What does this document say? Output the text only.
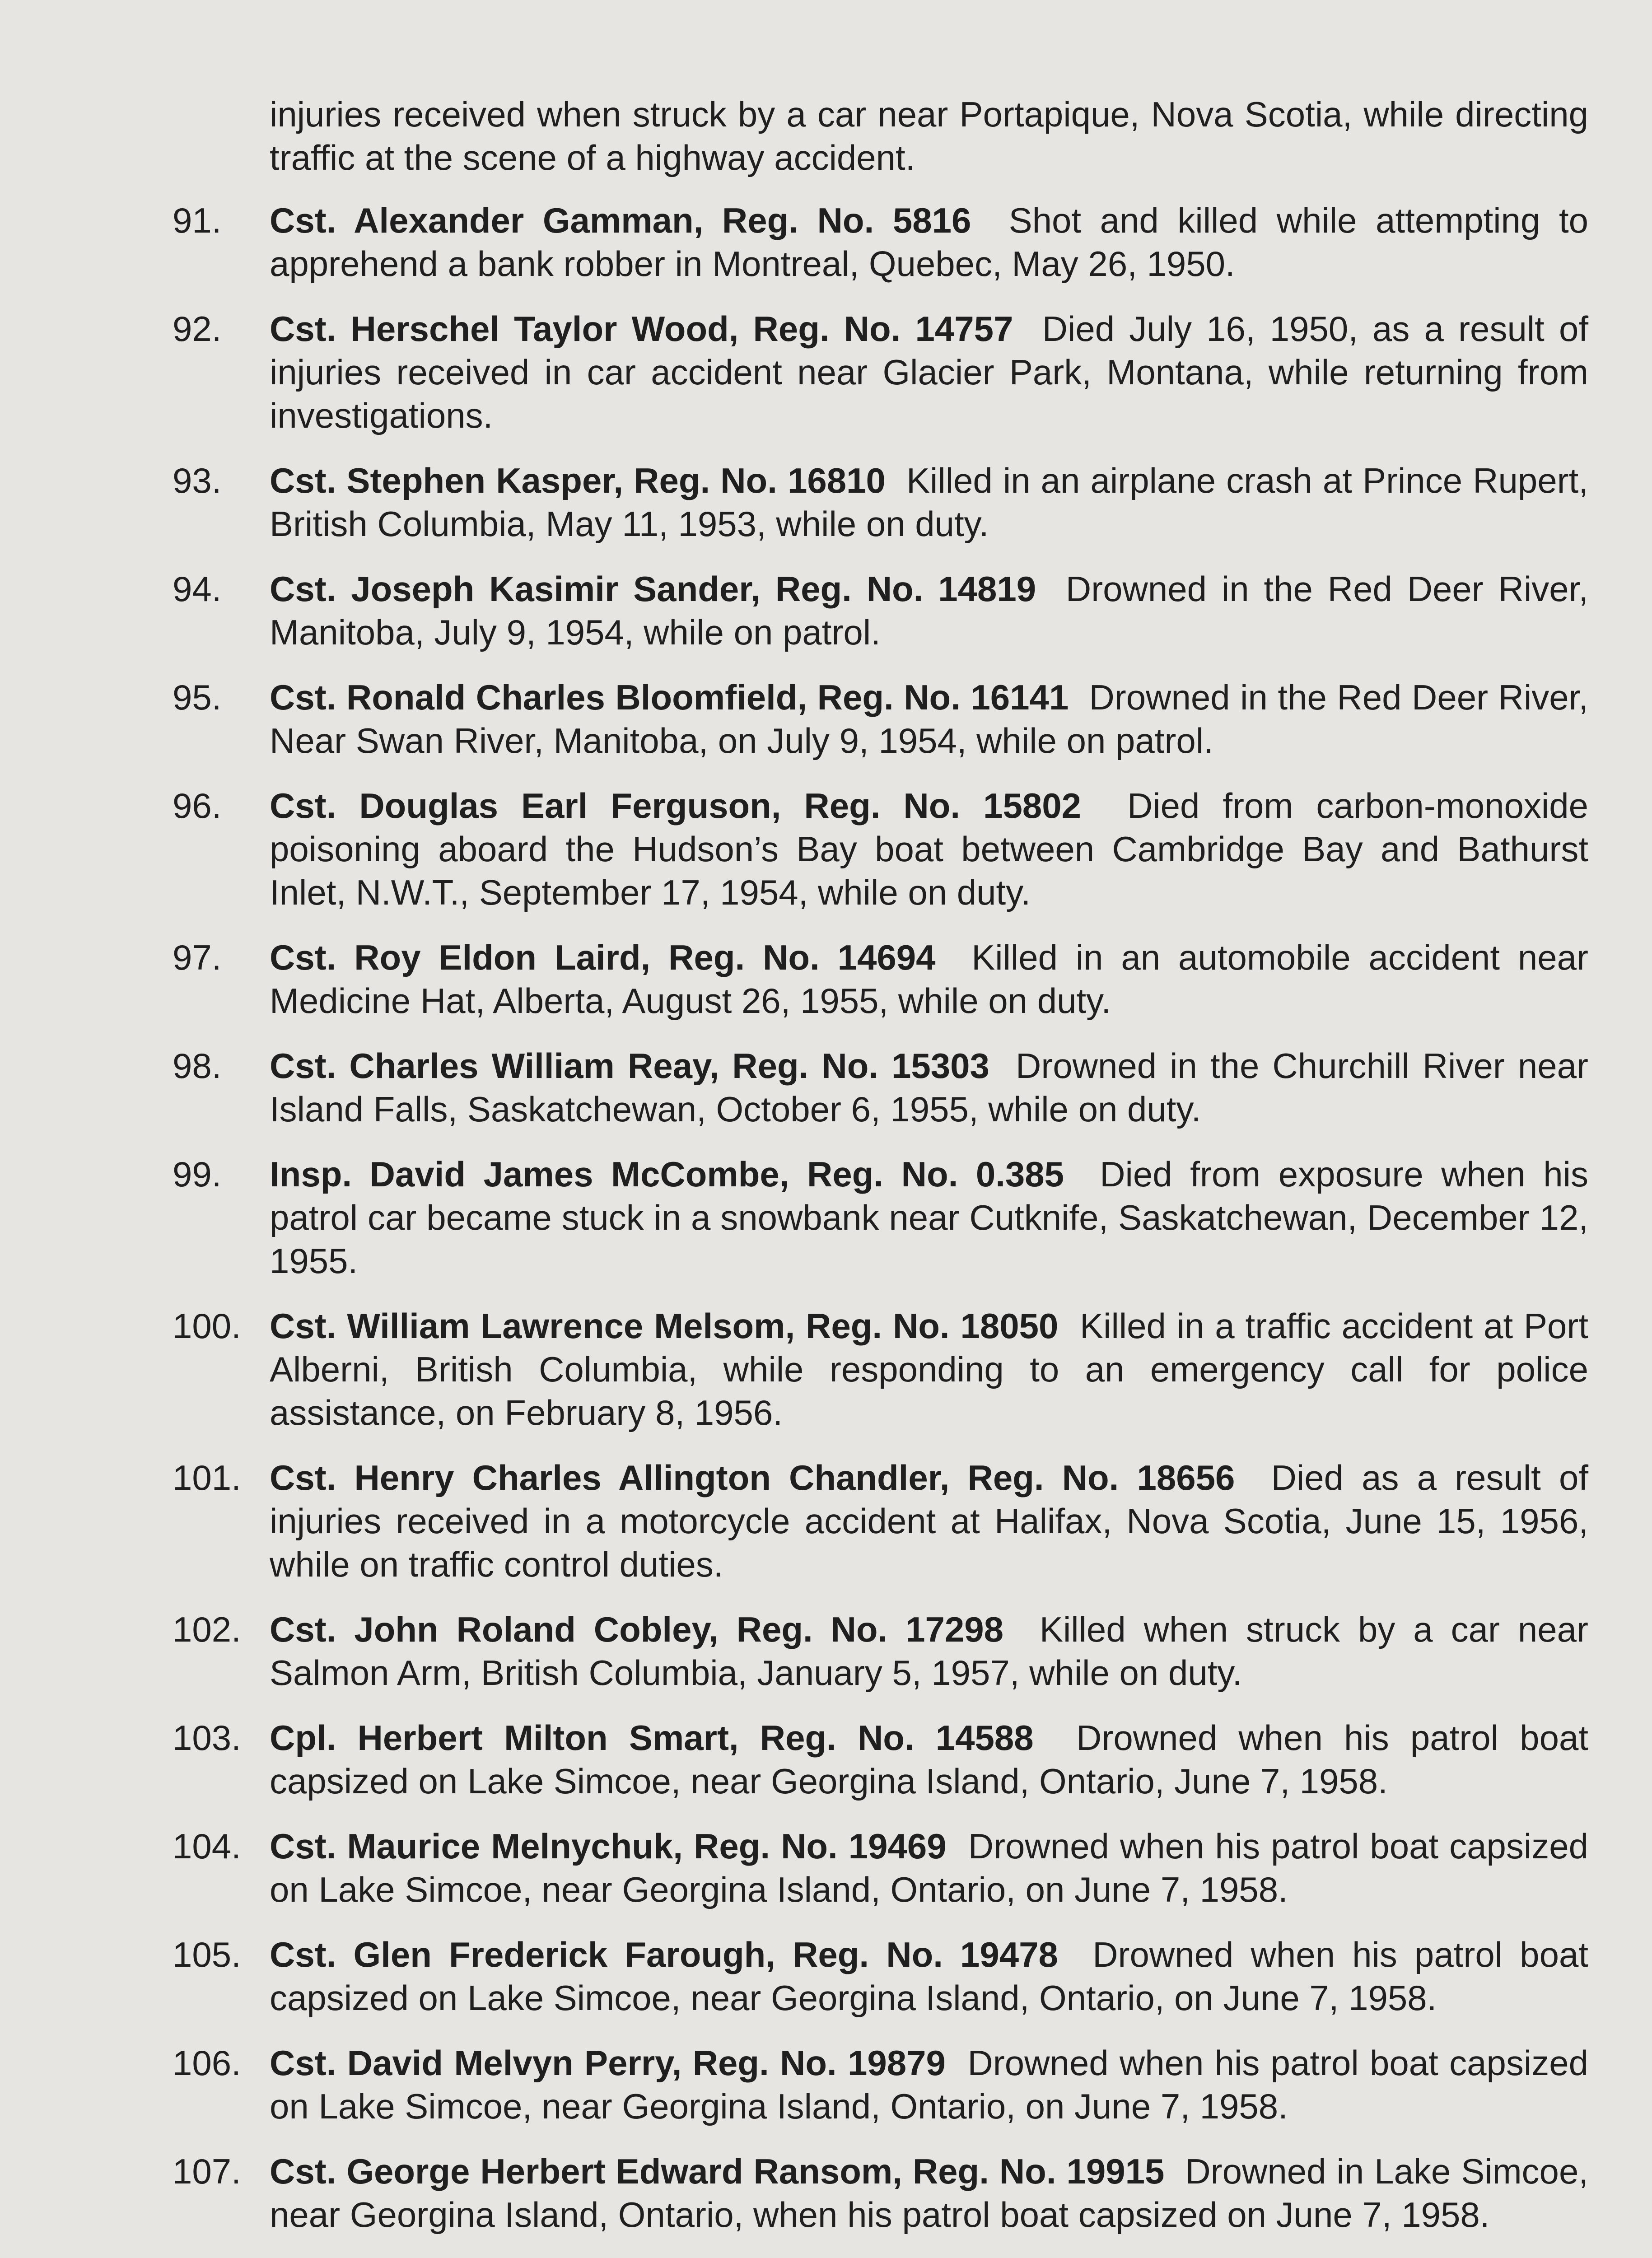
injuries received when struck by a car near Portapique, Nova Scotia, while directing traffic at the scene of a highway accident.
91.	Cst. Alexander Gamman, Reg. No. 5816 Shot and killed while attempting to apprehend a bank robber in Montreal, Quebec, May 26, 1950.
92.	Cst. Herschel Taylor Wood, Reg. No. 14757 Died July 16, 1950, as a result of injuries received in car accident near Glacier Park, Montana, while returning from investigations.
93.	Cst. Stephen Kasper, Reg. No. 16810 Killed in an airplane crash at Prince Rupert, British Columbia, May 11, 1953, while on duty.
94.	Cst. Joseph Kasimir Sander, Reg. No. 14819 Drowned in the Red Deer River, Manitoba, July 9, 1954, while on patrol.
95.	Cst. Ronald Charles Bloomfield, Reg. No. 16141 Drowned in the Red Deer River, Near Swan River, Manitoba, on July 9, 1954, while on patrol.
96.	Cst. Douglas Earl Ferguson, Reg. No. 15802 Died from carbon-monoxide poisoning aboard the Hudson’s Bay boat between Cambridge Bay and Bathurst Inlet, N.W.T., September 17, 1954, while on duty.
97.	Cst. Roy Eldon Laird, Reg. No. 14694 Killed in an automobile accident near Medicine Hat, Alberta, August 26, 1955, while on duty.
98.	Cst. Charles William Reay, Reg. No. 15303 Drowned in the Churchill River near Island Falls, Saskatchewan, October 6, 1955, while on duty.
99.	Insp. David James McCombe, Reg. No. 0.385 Died from exposure when his patrol car became stuck in a snowbank near Cutknife, Saskatchewan, December 12, 1955.
100. Cst. William Lawrence Melsom, Reg. No. 18050 Killed in a traffic accident at Port Alberni, British Columbia, while responding to an emergency call for police assistance, on February 8, 1956.
101. Cst. Henry Charles Allington Chandler, Reg. No. 18656 Died as a result of injuries received in a motorcycle accident at Halifax, Nova Scotia, June 15, 1956, while on traffic control duties.
102. Cst. John Roland Cobley, Reg. No. 17298 Killed when struck by a car near Salmon Arm, British Columbia, January 5, 1957, while on duty.
103. Cpl. Herbert Milton Smart, Reg. No. 14588 Drowned when his patrol boat capsized on Lake Simcoe, near Georgina Island, Ontario, June 7, 1958.
104. Cst. Maurice Melnychuk, Reg. No. 19469 Drowned when his patrol boat capsized on Lake Simcoe, near Georgina Island, Ontario, on June 7, 1958.
105. Cst. Glen Frederick Farough, Reg. No. 19478 Drowned when his patrol boat capsized on Lake Simcoe, near Georgina Island, Ontario, on June 7, 1958.
106. Cst. David Melvyn Perry, Reg. No. 19879 Drowned when his patrol boat capsized on Lake Simcoe, near Georgina Island, Ontario, on June 7, 1958.
107. Cst. George Herbert Edward Ransom, Reg. No. 19915 Drowned in Lake Simcoe, near Georgina Island, Ontario, when his patrol boat capsized on June 7, 1958.
